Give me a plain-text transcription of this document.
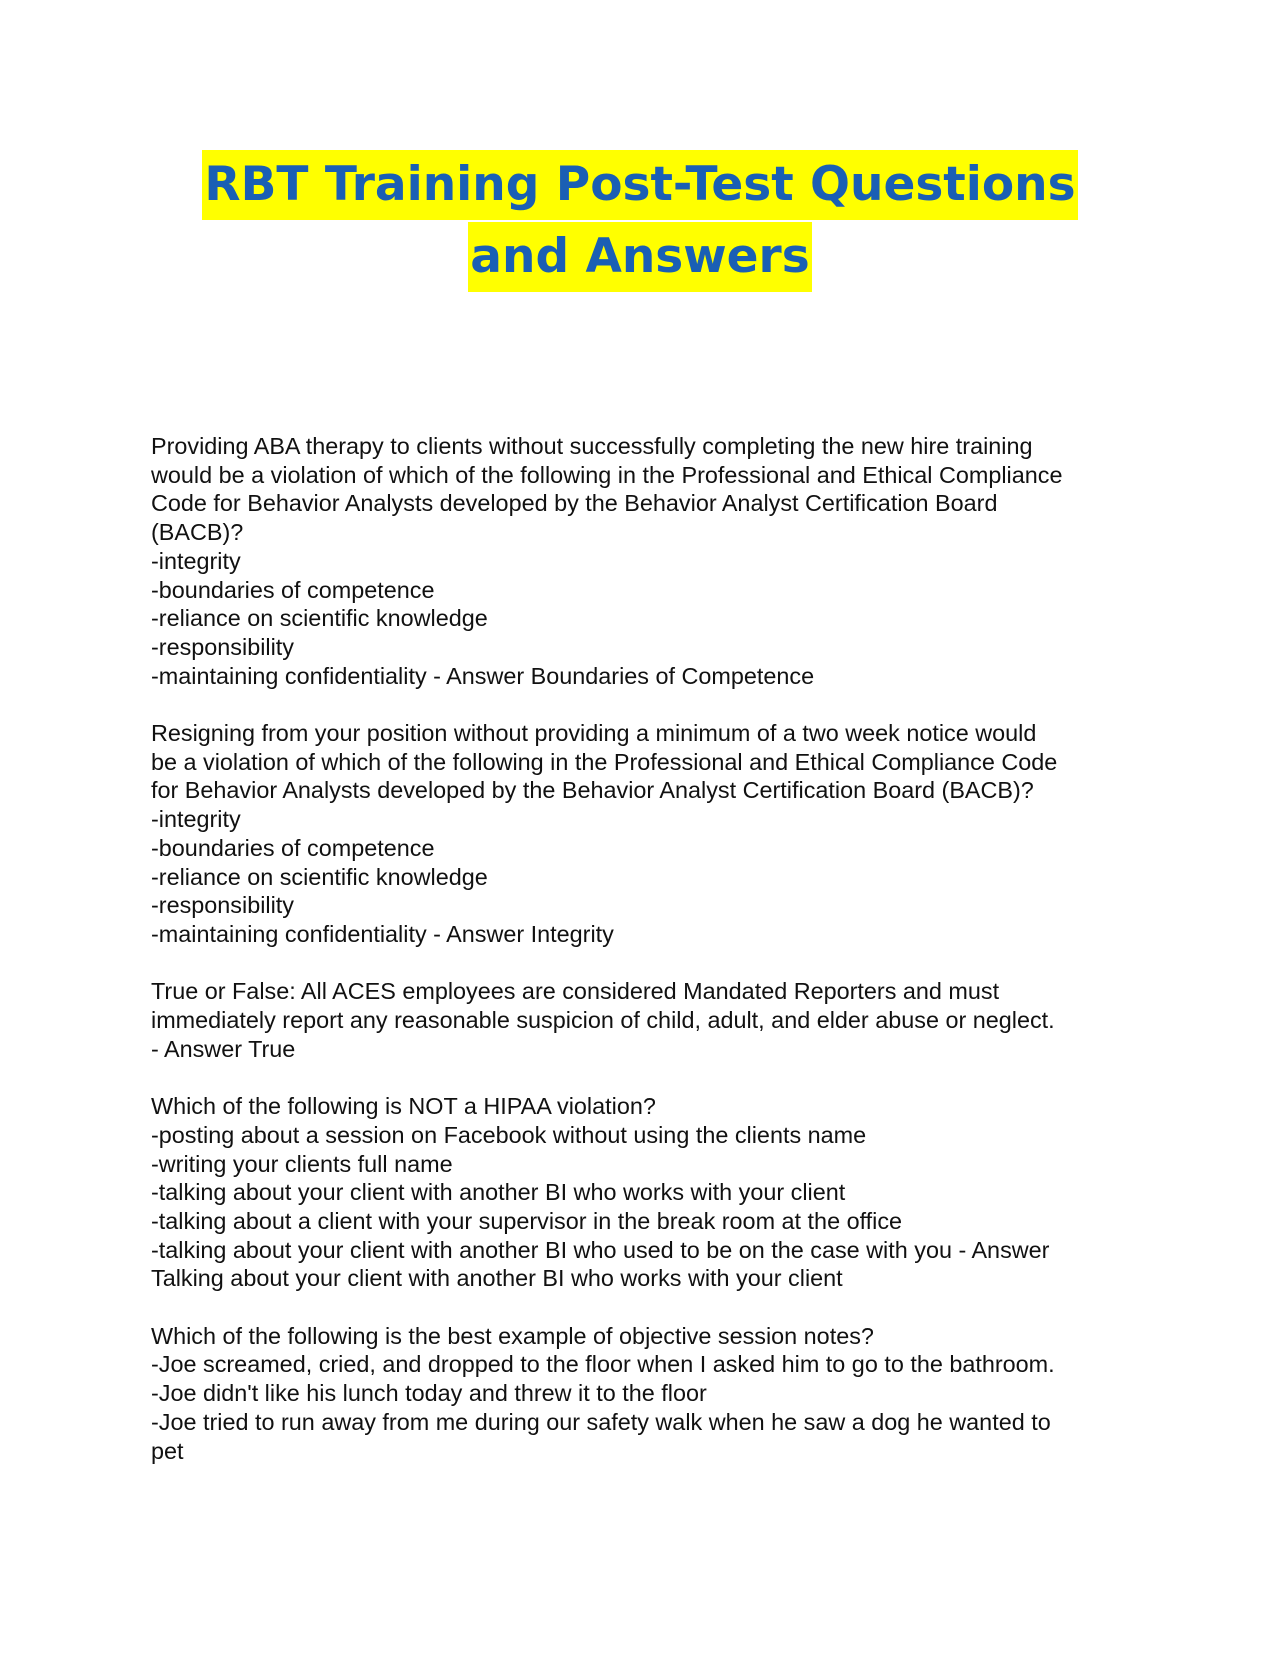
RBT Training Post-Test Questions
and Answers
Providing ABA therapy to clients without successfully completing the new hire training
would be a violation of which of the following in the Professional and Ethical Compliance
Code for Behavior Analysts developed by the Behavior Analyst Certification Board
(BACB)?
-integrity
-boundaries of competence
-reliance on scientific knowledge
-responsibility
-maintaining confidentiality - Answer Boundaries of Competence
Resigning from your position without providing a minimum of a two week notice would
be a violation of which of the following in the Professional and Ethical Compliance Code
for Behavior Analysts developed by the Behavior Analyst Certification Board (BACB)?
-integrity
-boundaries of competence
-reliance on scientific knowledge
-responsibility
-maintaining confidentiality - Answer Integrity
True or False: All ACES employees are considered Mandated Reporters and must
immediately report any reasonable suspicion of child, adult, and elder abuse or neglect.
- Answer True
Which of the following is NOT a HIPAA violation?
-posting about a session on Facebook without using the clients name
-writing your clients full name
-talking about your client with another BI who works with your client
-talking about a client with your supervisor in the break room at the office
-talking about your client with another BI who used to be on the case with you - Answer
Talking about your client with another BI who works with your client
Which of the following is the best example of objective session notes?
-Joe screamed, cried, and dropped to the floor when I asked him to go to the bathroom.
-Joe didn't like his lunch today and threw it to the floor
-Joe tried to run away from me during our safety walk when he saw a dog he wanted to
pet
